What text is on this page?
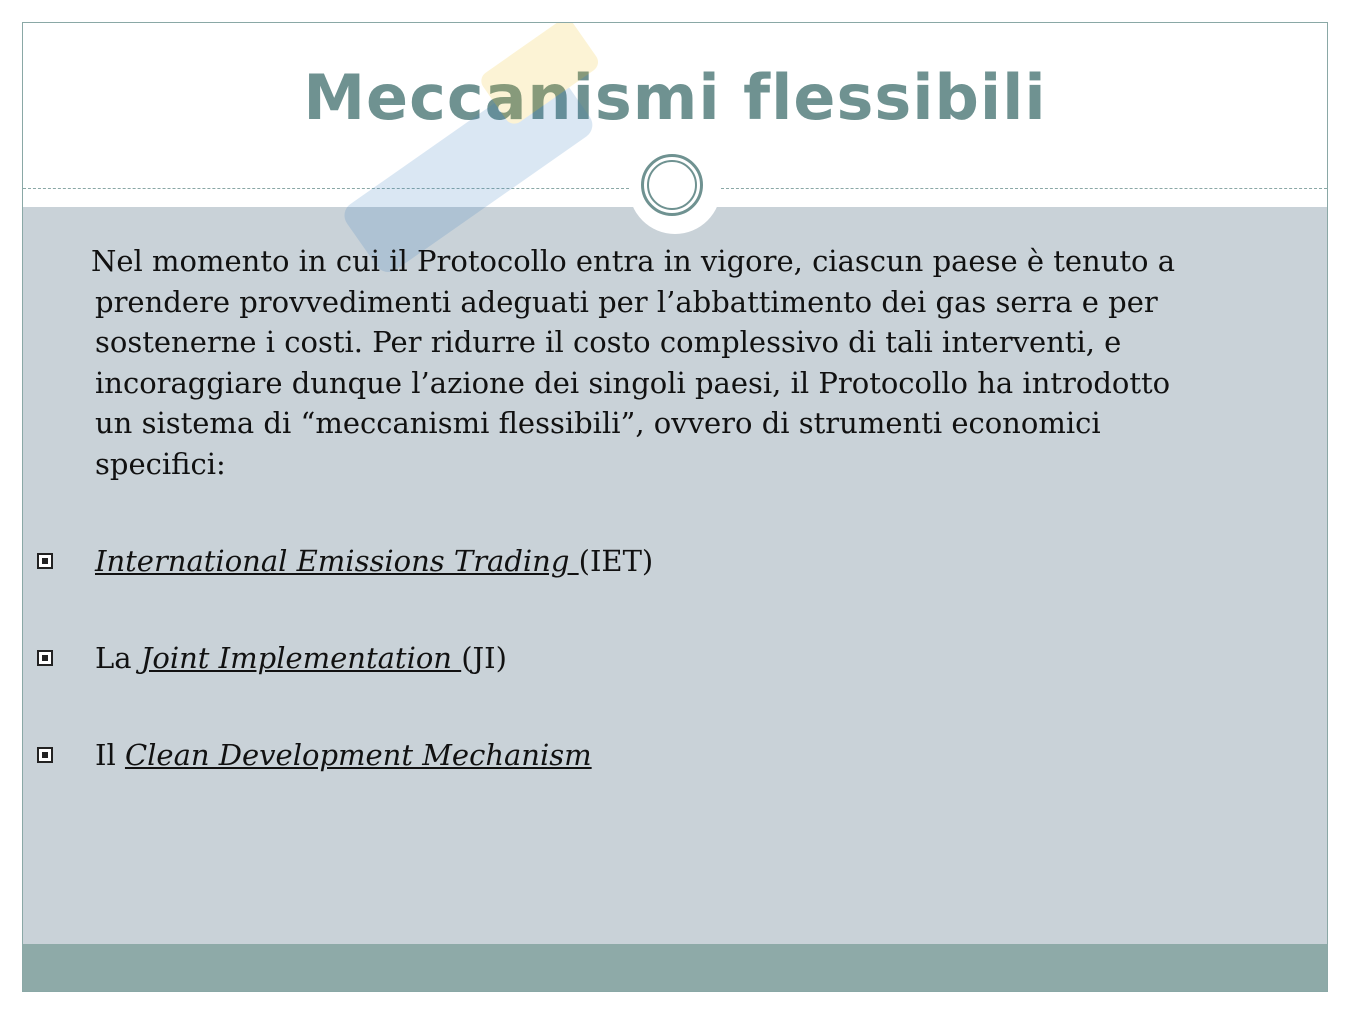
Meccanismi flessibili

Nel momento in cui il Protocollo entra in vigore, ciascun paese è tenuto a prendere provvedimenti adeguati per l’abbattimento dei gas serra e per sostenerne i costi. Per ridurre il costo complessivo di tali interventi, e incoraggiare dunque l’azione dei singoli paesi, il Protocollo ha introdotto un sistema di “meccanismi flessibili”, ovvero di strumenti economici specifici:

International Emissions Trading (IET)
La Joint Implementation (JI)
Il Clean Development Mechanism
